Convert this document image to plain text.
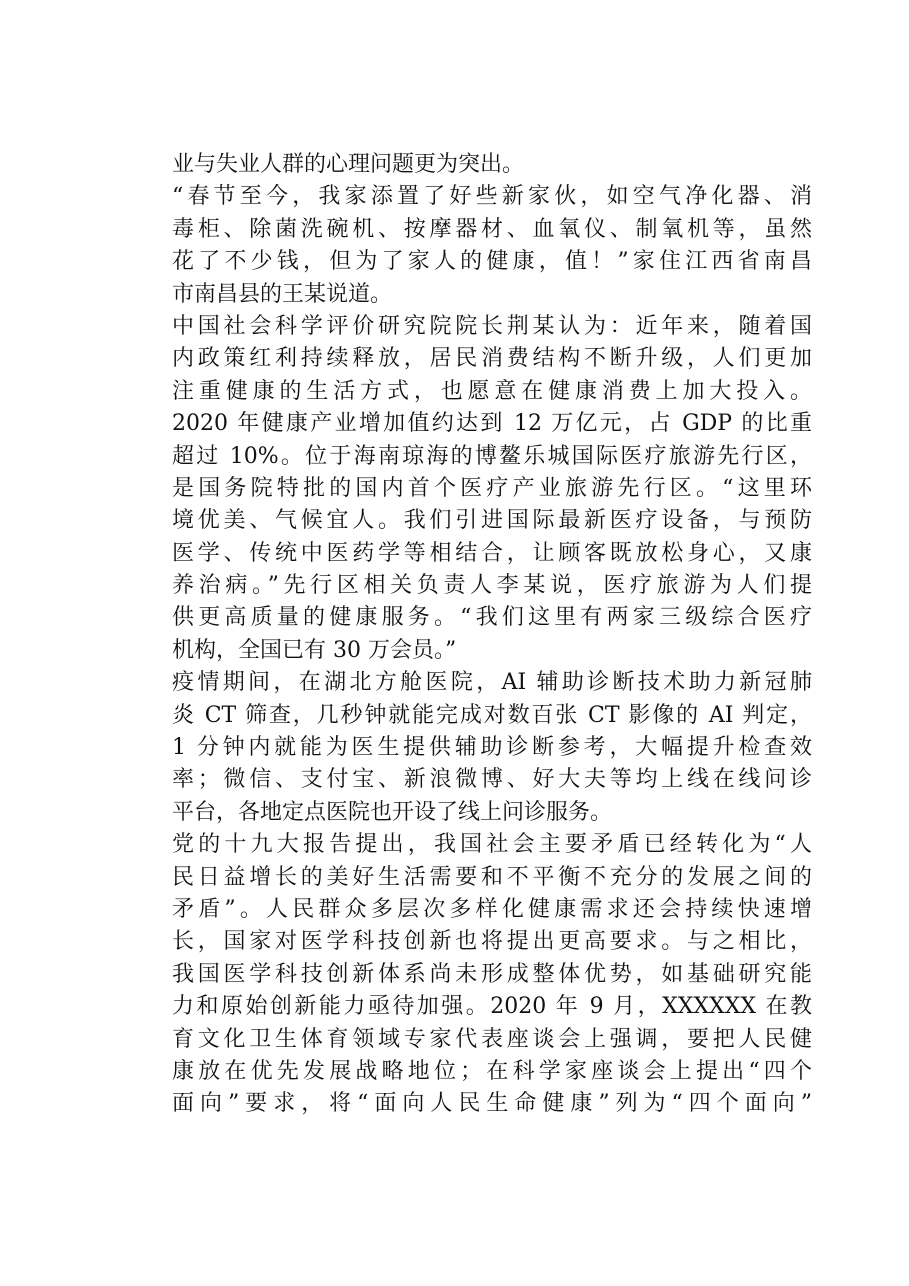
业与失业人群的心理问题更为突出。
“春节至今，我家添置了好些新家伙，如空气净化器、消
毒柜、除菌洗碗机、按摩器材、血氧仪、制氧机等，虽然
花了不少钱，但为了家人的健康，值！”家住江西省南昌
市南昌县的王某说道。
中国社会科学评价研究院院长荆某认为：近年来，随着国
内政策红利持续释放，居民消费结构不断升级，人们更加
注重健康的生活方式，也愿意在健康消费上加大投入。
2020 年健康产业增加值约达到 12 万亿元，占 GDP 的比重
超过 10%。位于海南琼海的博鳌乐城国际医疗旅游先行区，
是国务院特批的国内首个医疗产业旅游先行区。“这里环
境优美、气候宜人。我们引进国际最新医疗设备，与预防
医学、传统中医药学等相结合，让顾客既放松身心，又康
养治病。”先行区相关负责人李某说，医疗旅游为人们提
供更高质量的健康服务。“我们这里有两家三级综合医疗
机构，全国已有 30 万会员。”
疫情期间，在湖北方舱医院，AI 辅助诊断技术助力新冠肺
炎 CT 筛查，几秒钟就能完成对数百张 CT 影像的 AI 判定，
1 分钟内就能为医生提供辅助诊断参考，大幅提升检查效
率；微信、支付宝、新浪微博、好大夫等均上线在线问诊
平台，各地定点医院也开设了线上问诊服务。
党的十九大报告提出，我国社会主要矛盾已经转化为“人
民日益增长的美好生活需要和不平衡不充分的发展之间的
矛盾”。人民群众多层次多样化健康需求还会持续快速增
长，国家对医学科技创新也将提出更高要求。与之相比，
我国医学科技创新体系尚未形成整体优势，如基础研究能
力和原始创新能力亟待加强。2020 年 9 月，XXXXXX 在教
育文化卫生体育领域专家代表座谈会上强调，要把人民健
康放在优先发展战略地位；在科学家座谈会上提出“四个
面向”要求，将“面向人民生命健康”列为“四个面向”
